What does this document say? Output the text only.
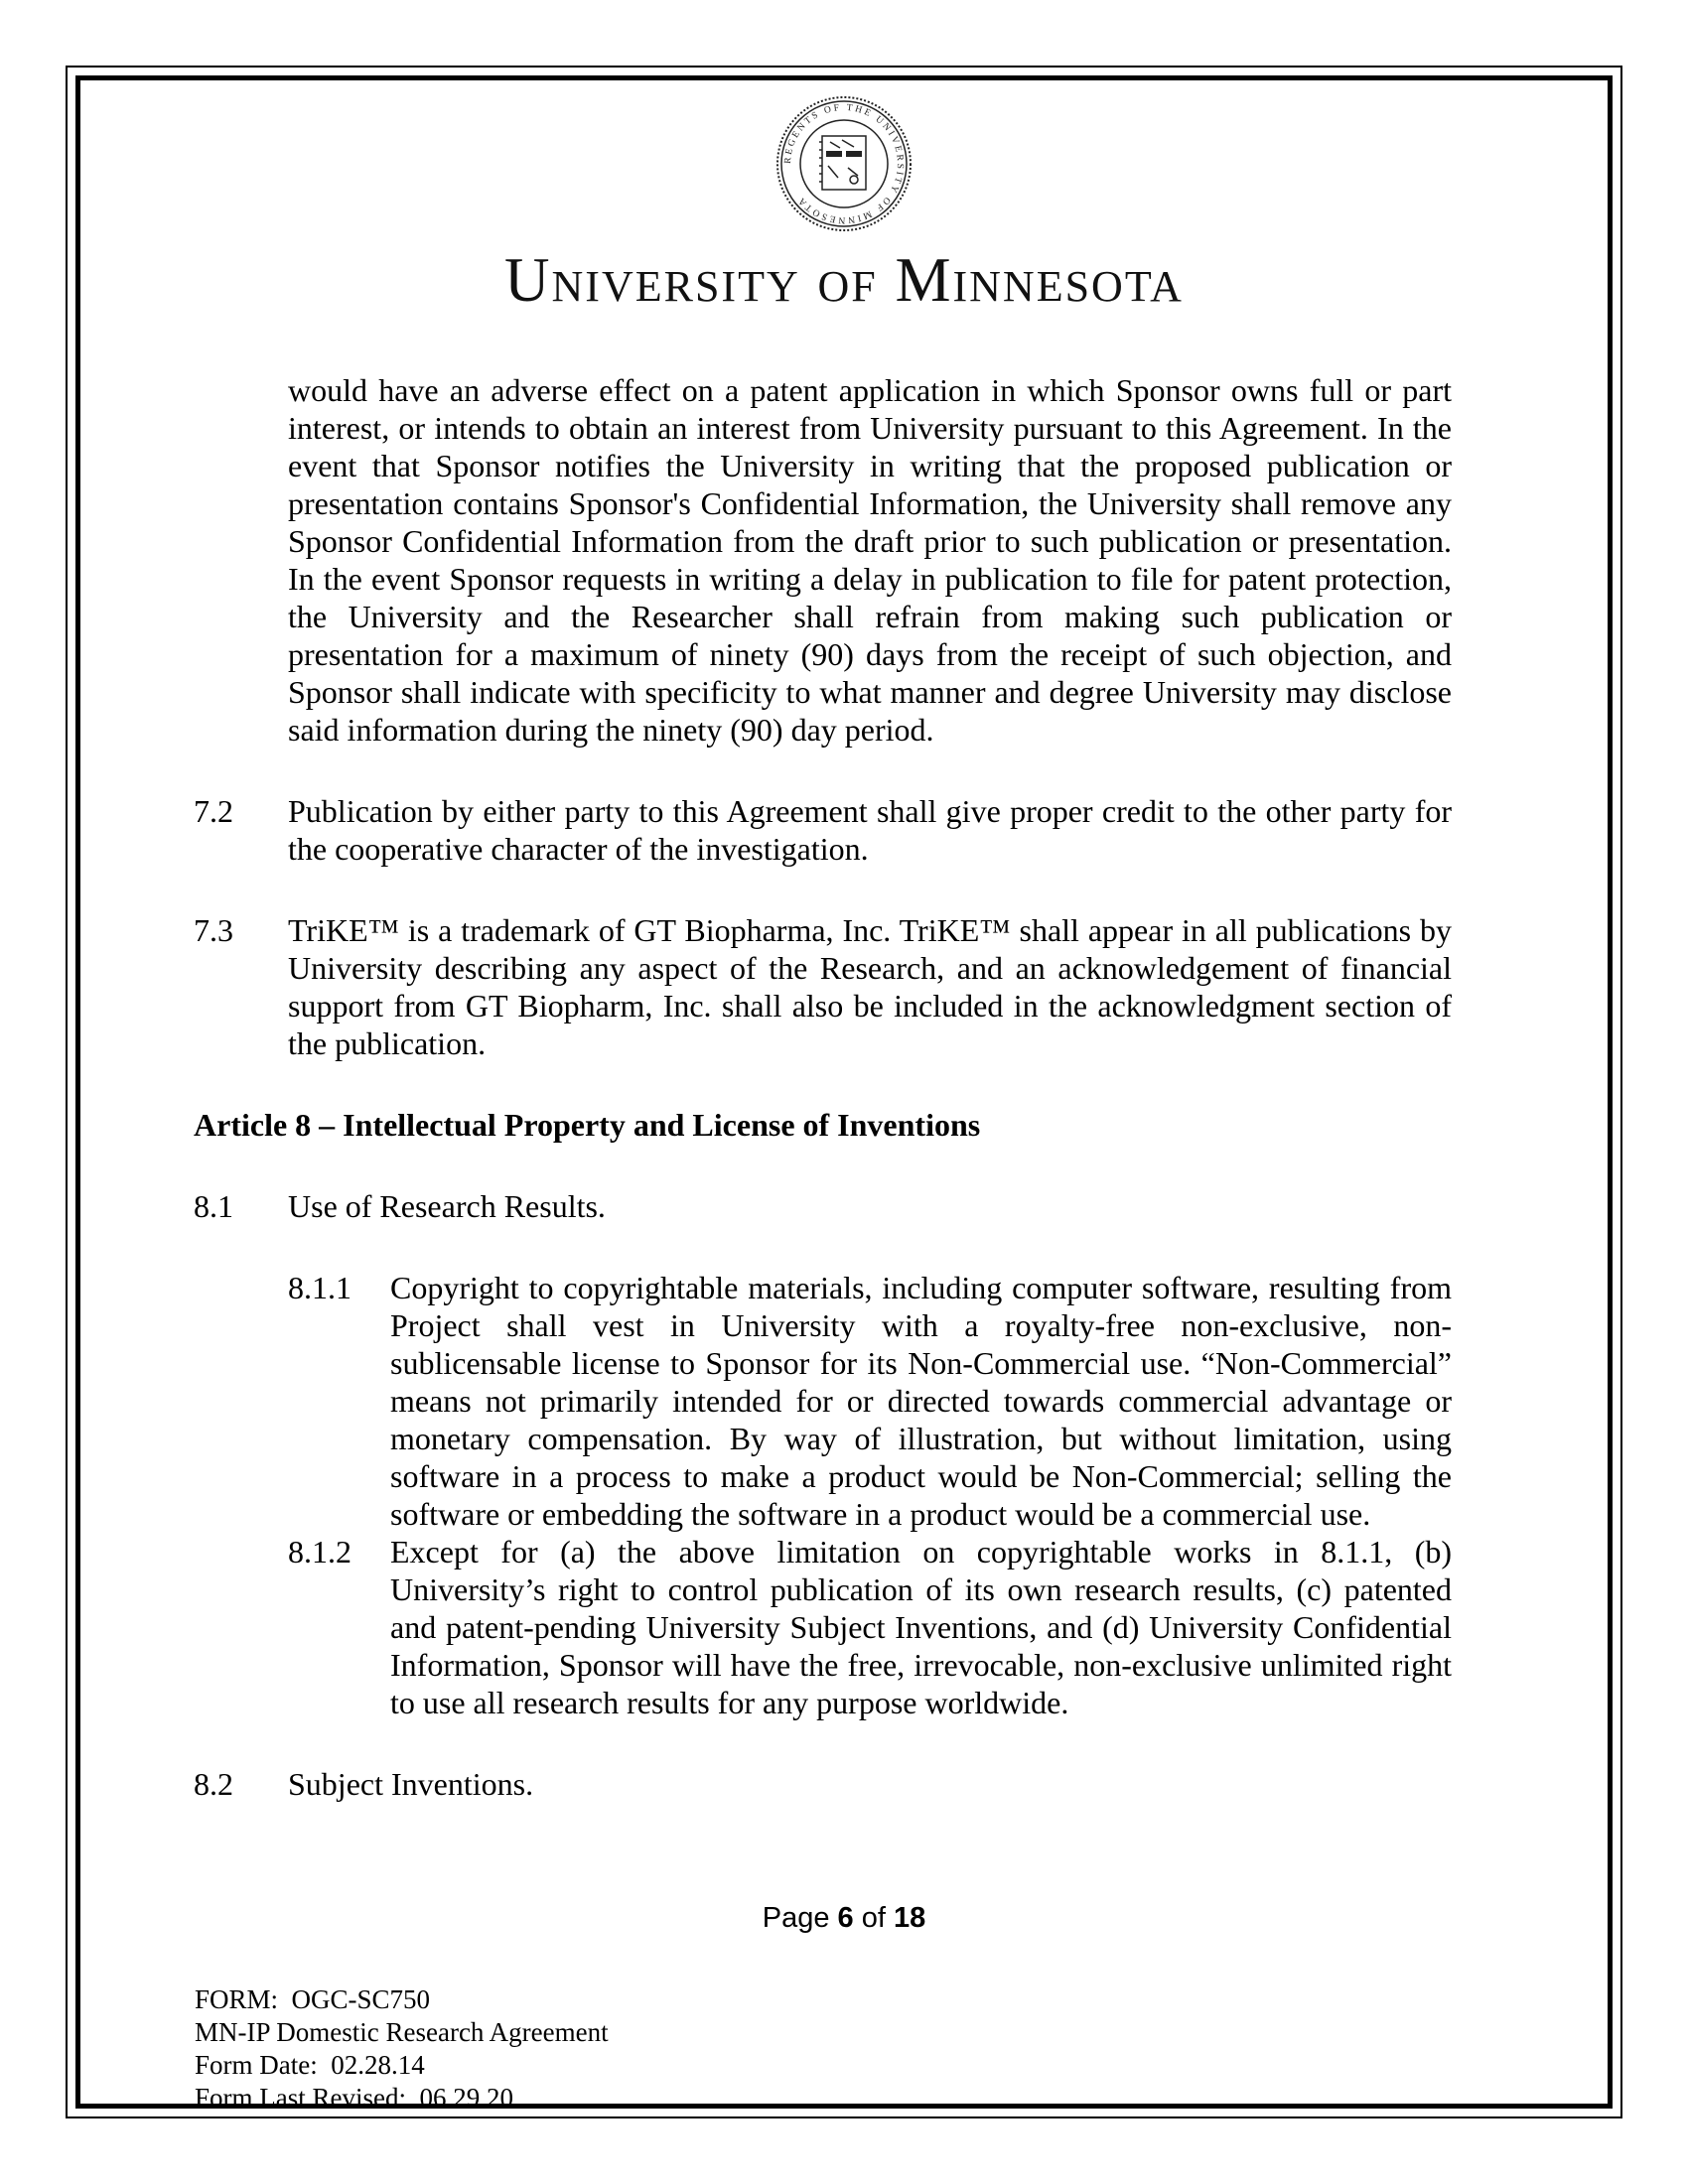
REGENTS OF THE UNIVERSITY OF MINNESOTA
University of Minnesota
would have an adverse effect on a patent application in which Sponsor owns full or part interest, or intends to obtain an interest from University pursuant to this Agreement. In the event that Sponsor notifies the University in writing that the proposed publication or presentation contains Sponsor's Confidential Information, the University shall remove any Sponsor Confidential Information from the draft prior to such publication or presentation. In the event Sponsor requests in writing a delay in publication to file for patent protection, the University and the Researcher shall refrain from making such publication or presentation for a maximum of ninety (90) days from the receipt of such objection, and Sponsor shall indicate with specificity to what manner and degree University may disclose said information during the ninety (90) day period.
7.2	Publication by either party to this Agreement shall give proper credit to the other party for the cooperative character of the investigation.
7.3	TriKE™ is a trademark of GT Biopharma, Inc. TriKE™ shall appear in all publications by University describing any aspect of the Research, and an acknowledgement of financial support from GT Biopharm, Inc. shall also be included in the acknowledgment section of the publication.
Article 8 – Intellectual Property and License of Inventions
8.1	Use of Research Results.
8.1.1	Copyright to copyrightable materials, including computer software, resulting from Project shall vest in University with a royalty-free non-exclusive, non-sublicensable license to Sponsor for its Non-Commercial use. “Non-Commercial” means not primarily intended for or directed towards commercial advantage or monetary compensation. By way of illustration, but without limitation, using software in a process to make a product would be Non-Commercial; selling the software or embedding the software in a product would be a commercial use.
8.1.2	Except for (a) the above limitation on copyrightable works in 8.1.1, (b) University’s right to control publication of its own research results, (c) patented and patent-pending University Subject Inventions, and (d) University Confidential Information, Sponsor will have the free, irrevocable, non-exclusive unlimited right to use all research results for any purpose worldwide.
8.2	Subject Inventions.
Page 6 of 18
FORM:  OGC-SC750
MN-IP Domestic Research Agreement
Form Date:  02.28.14
Form Last Revised:  06.29.20
